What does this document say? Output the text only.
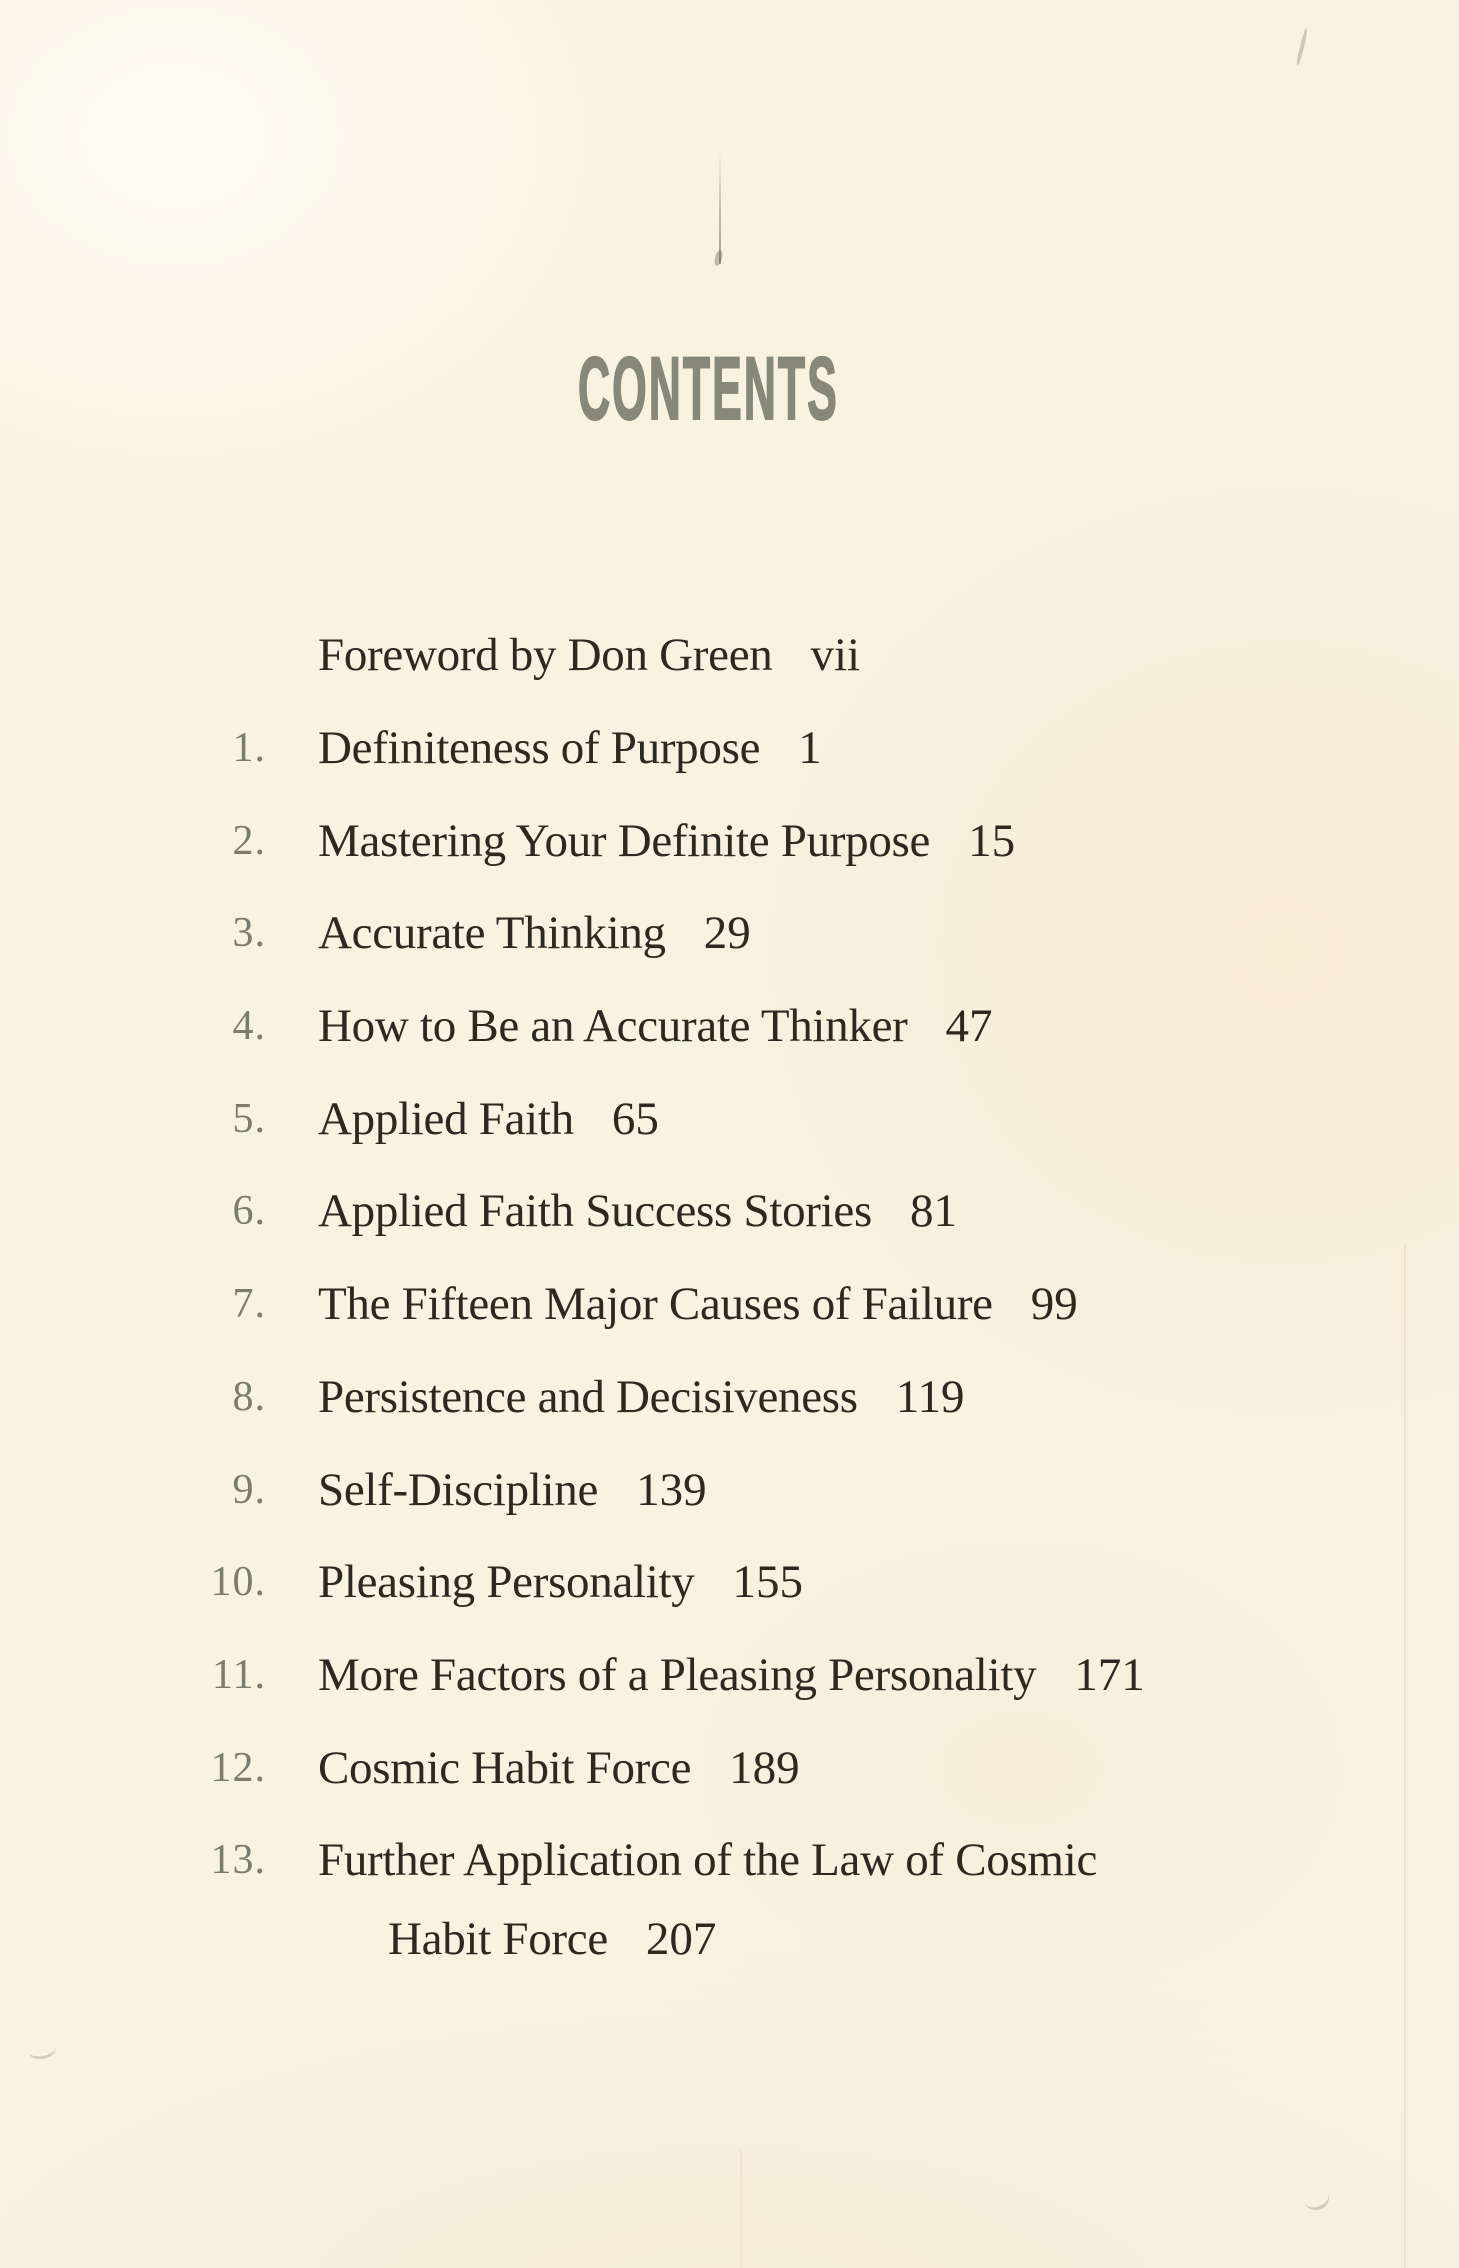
CONTENTS
Foreword by Don Green vii
1. Definiteness of Purpose 1
2. Mastering Your Definite Purpose 15
3. Accurate Thinking 29
4. How to Be an Accurate Thinker 47
5. Applied Faith 65
6. Applied Faith Success Stories 81
7. The Fifteen Major Causes of Failure 99
8. Persistence and Decisiveness 119
9. Self-Discipline 139
10. Pleasing Personality 155
11. More Factors of a Pleasing Personality 171
12. Cosmic Habit Force 189
13. Further Application of the Law of Cosmic
Habit Force 207
